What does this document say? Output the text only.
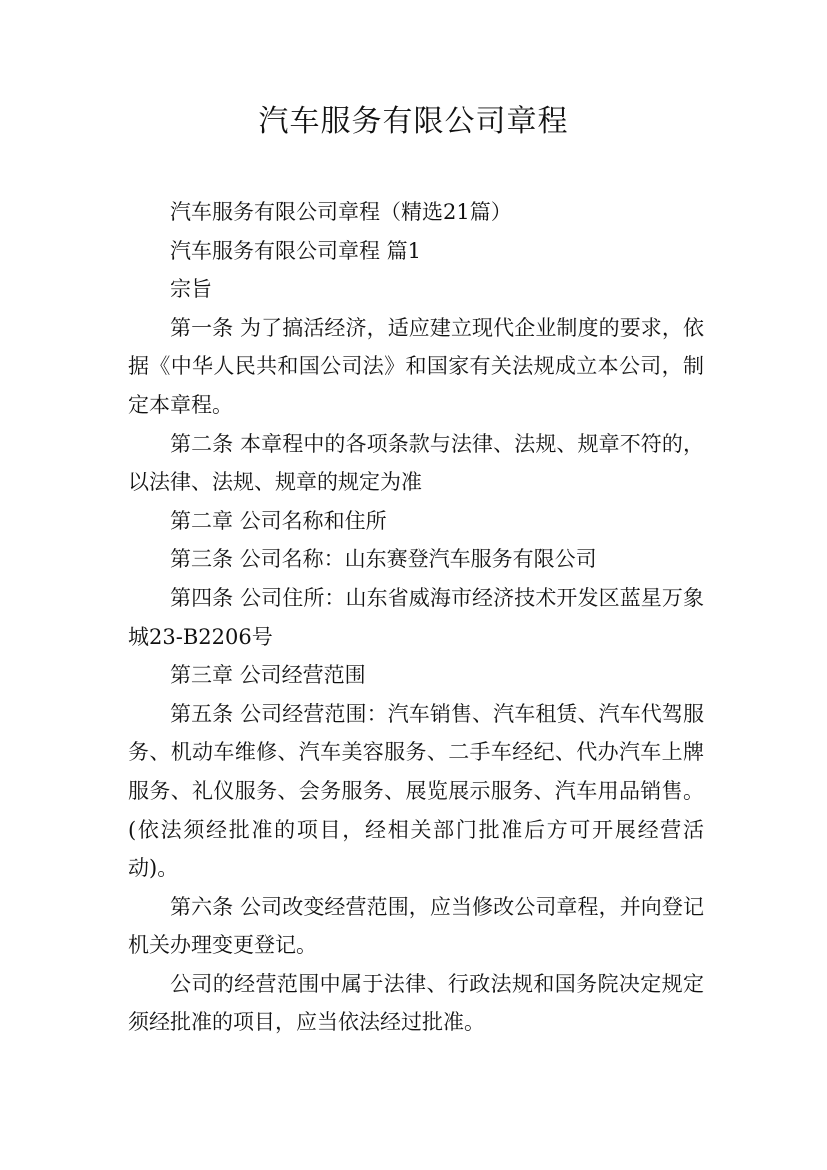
汽车服务有限公司章程

汽车服务有限公司章程（精选21篇）

汽车服务有限公司章程 篇1

宗旨

第一条 为了搞活经济，适应建立现代企业制度的要求，依据《中华人民共和国公司法》和国家有关法规成立本公司，制定本章程。

第二条 本章程中的各项条款与法律、法规、规章不符的，以法律、法规、规章的规定为准

第二章 公司名称和住所

第三条 公司名称：山东赛登汽车服务有限公司

第四条 公司住所：山东省威海市经济技术开发区蓝星万象城23-B2206号

第三章 公司经营范围

第五条 公司经营范围：汽车销售、汽车租赁、汽车代驾服务、机动车维修、汽车美容服务、二手车经纪、代办汽车上牌服务、礼仪服务、会务服务、展览展示服务、汽车用品销售。(依法须经批准的项目，经相关部门批准后方可开展经营活动)。

第六条 公司改变经营范围，应当修改公司章程，并向登记机关办理变更登记。

公司的经营范围中属于法律、行政法规和国务院决定规定须经批准的项目，应当依法经过批准。
